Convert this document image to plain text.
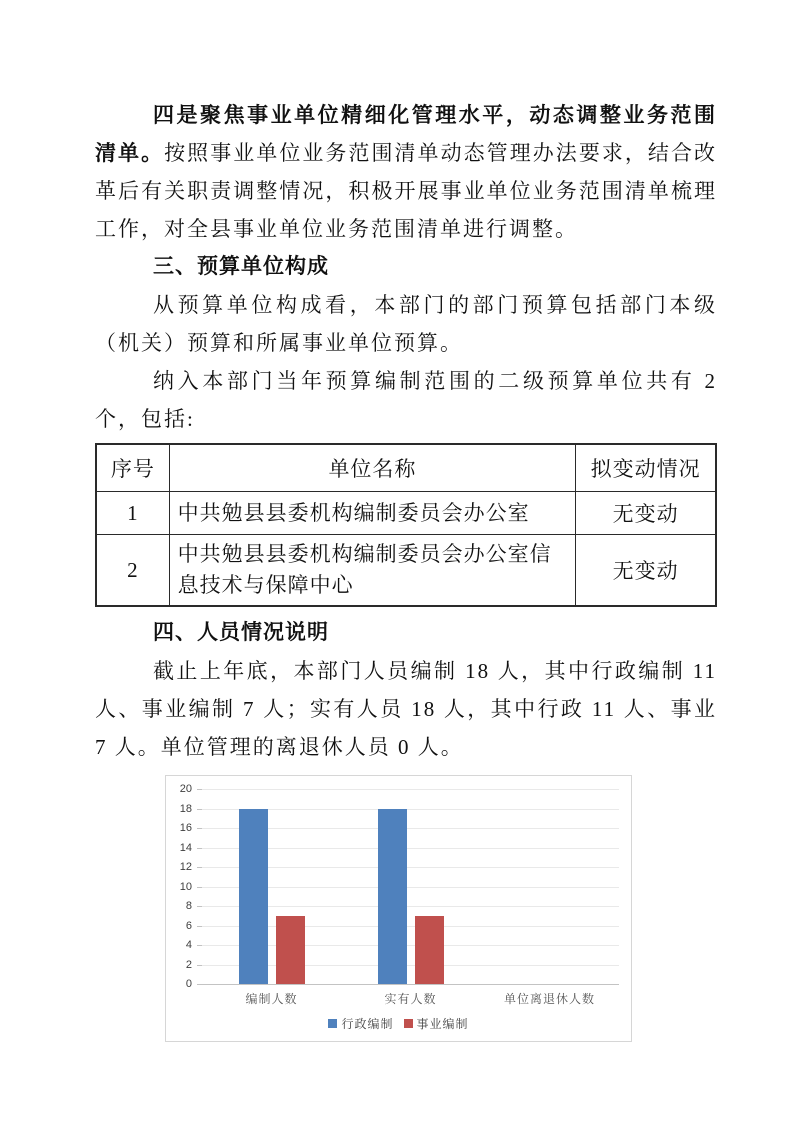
四是聚焦事业单位精细化管理水平，动态调整业务范围清单。按照事业单位业务范围清单动态管理办法要求，结合改革后有关职责调整情况，积极开展事业单位业务范围清单梳理工作，对全县事业单位业务范围清单进行调整。

三、预算单位构成

从预算单位构成看，本部门的部门预算包括部门本级（机关）预算和所属事业单位预算。

纳入本部门当年预算编制范围的二级预算单位共有 2 个，包括:

序号	单位名称	拟变动情况
1	中共勉县县委机构编制委员会办公室	无变动
2	中共勉县县委机构编制委员会办公室信息技术与保障中心	无变动
四、人员情况说明

截止上年底，本部门人员编制 18 人，其中行政编制 11 人、事业编制 7 人；实有人员 18 人，其中行政 11 人、事业 7 人。单位管理的离退休人员 0 人。

0
2
4
6
8
10
12
14
16
18
20
编制人数	实有人数	单位离退休人数
行政编制 事业编制
